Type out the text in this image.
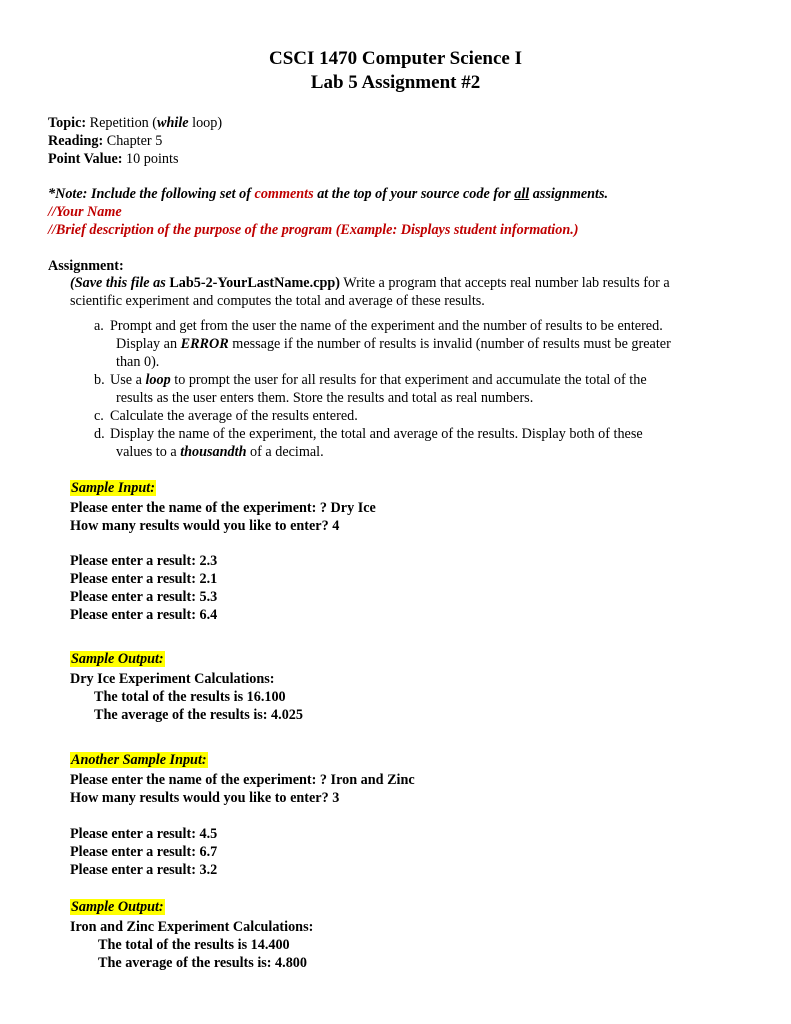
CSCI 1470 Computer Science I
Lab 5 Assignment #2
Topic: Repetition (while loop)
Reading: Chapter 5
Point Value: 10 points
*Note: Include the following set of comments at the top of your source code for all assignments.
//Your Name
//Brief description of the purpose of the program (Example: Displays student information.)
Assignment:
(Save this file as Lab5-2-YourLastName.cpp) Write a program that accepts real number lab results for a
scientific experiment and computes the total and average of these results.
a. Prompt and get from the user the name of the experiment and the number of results to be entered.
Display an ERROR message if the number of results is invalid (number of results must be greater
than 0).
b. Use a loop to prompt the user for all results for that experiment and accumulate the total of the
results as the user enters them. Store the results and total as real numbers.
c. Calculate the average of the results entered.
d. Display the name of the experiment, the total and average of the results. Display both of these
values to a thousandth of a decimal.
Sample Input:
Please enter the name of the experiment: ? Dry Ice
How many results would you like to enter? 4
Please enter a result: 2.3
Please enter a result: 2.1
Please enter a result: 5.3
Please enter a result: 6.4
Sample Output:
Dry Ice Experiment Calculations:
The total of the results is 16.100
The average of the results is: 4.025
Another Sample Input:
Please enter the name of the experiment: ? Iron and Zinc
How many results would you like to enter? 3
Please enter a result: 4.5
Please enter a result: 6.7
Please enter a result: 3.2
Sample Output:
Iron and Zinc Experiment Calculations:
The total of the results is 14.400
The average of the results is: 4.800
